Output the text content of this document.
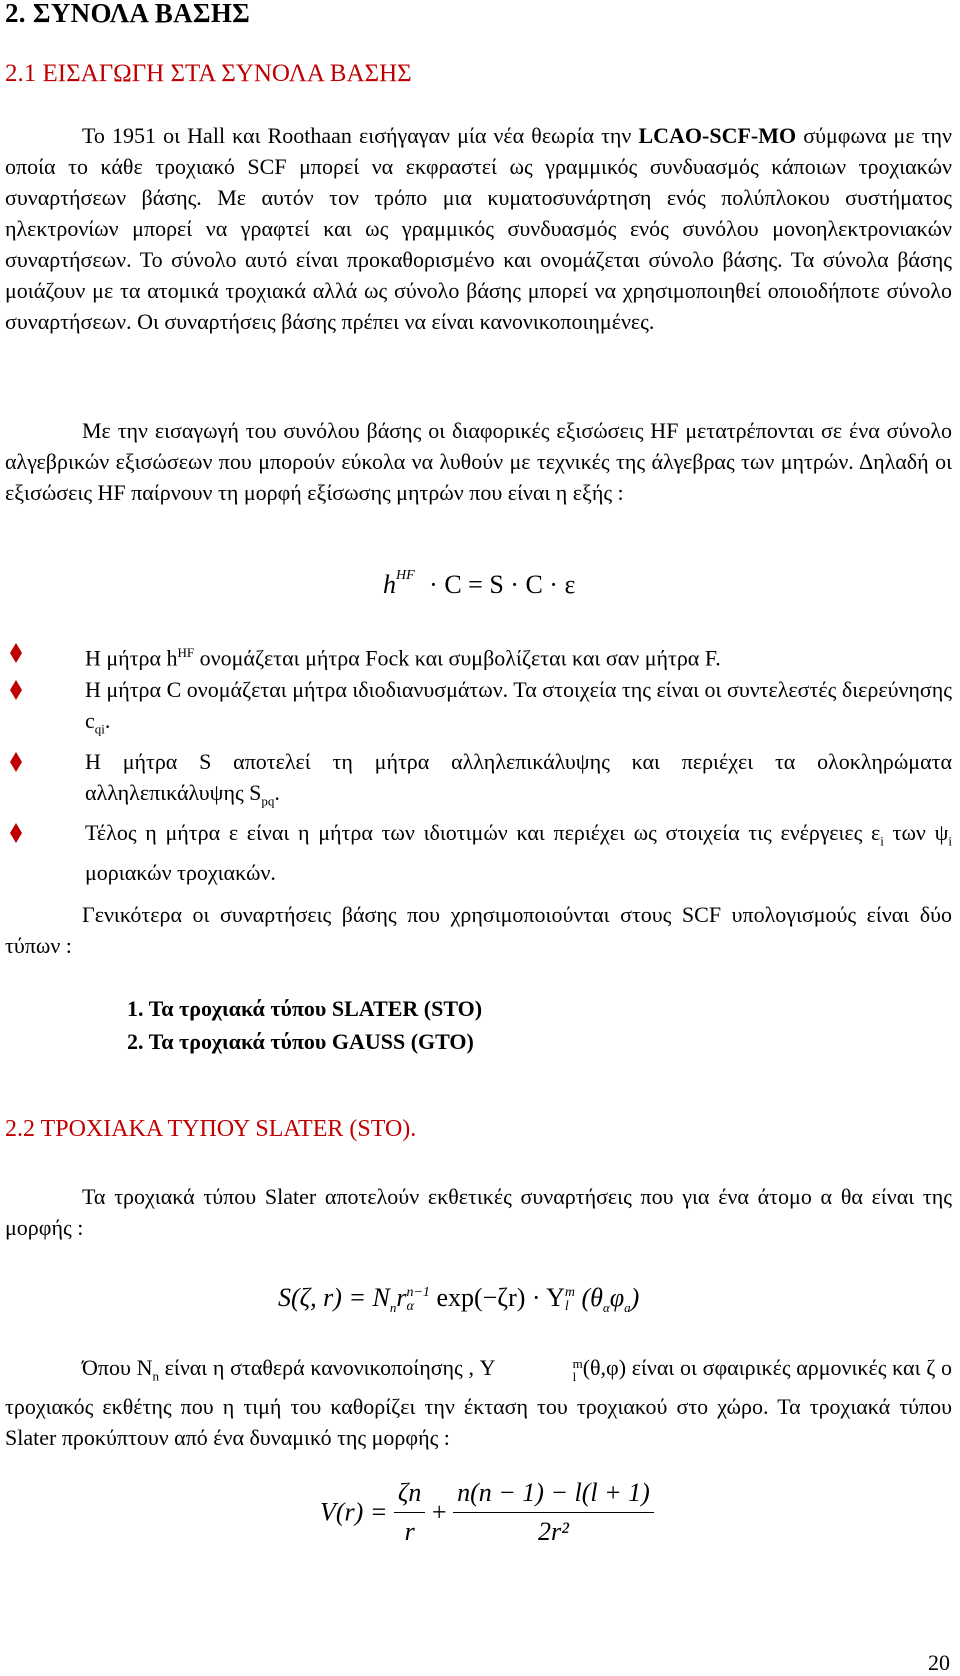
2. ΣΥΝΟΛΑ ΒΑΣΗΣ
2.1 ΕΙΣΑΓΩΓΗ ΣΤΑ ΣΥΝΟΛΑ ΒΑΣΗΣ

Το 1951 οι Hall και Roothaan εισήγαγαν μία νέα θεωρία την LCAO-SCF-MO σύμφωνα με την οποία το κάθε τροχιακό SCF μπορεί να εκφραστεί ως γραμμικός συνδυασμός κάποιων τροχιακών συναρτήσεων βάσης. Με αυτόν τον τρόπο μια κυματοσυνάρτηση ενός πολύπλοκου συστήματος ηλεκτρονίων μπορεί να γραφτεί και ως γραμμικός συνδυασμός ενός συνόλου μονοηλεκτρονιακών συναρτήσεων. Το σύνολο αυτό είναι προκαθορισμένο και ονομάζεται σύνολο βάσης. Τα σύνολα βάσης μοιάζουν με τα ατομικά τροχιακά αλλά ως σύνολο βάσης μπορεί να χρησιμοποιηθεί οποιοδήποτε σύνολο συναρτήσεων. Οι συναρτήσεις βάσης πρέπει να είναι κανονικοποιημένες.

Με την εισαγωγή του συνόλου βάσης οι διαφορικές εξισώσεις HF μετατρέπονται σε ένα σύνολο αλγεβρικών εξισώσεων που μπορούν εύκολα να λυθούν με τεχνικές της άλγεβρας των μητρών. Δηλαδή οι εξισώσεις HF παίρνουν τη μορφή εξίσωσης μητρών που είναι η εξής :

$h^{HF} \cdot C = S \cdot C \cdot \varepsilon$
Η μήτρα $h^{HF}$ ονομάζεται μήτρα Fock και συμβολίζεται και σαν μήτρα F.
Η μήτρα C ονομάζεται μήτρα ιδιοδιανυσμάτων. Τα στοιχεία της είναι οι συντελεστές διερεύνησης $c_{qi}$.
Η μήτρα S αποτελεί τη μήτρα αλληλεπικάλυψης και περιέχει τα ολοκληρώματα αλληλεπικάλυψης $S_{pq}$.
Τέλος η μήτρα ε είναι η μήτρα των ιδιοτιμών και περιέχει ως στοιχεία τις ενέργειες $\varepsilon_i$ των $\psi_i$ μοριακών τροχιακών.

Γενικότερα οι συναρτήσεις βάσης που χρησιμοποιούνται στους SCF υπολογισμούς είναι δύο τύπων :

1. Τα τροχιακά τύπου SLATER (STO)
2. Τα τροχιακά τύπου GAUSS (GTO)
2.2 ΤΡΟΧΙΑΚΑ ΤΥΠΟΥ SLATER (STO).

Τα τροχιακά τύπου Slater αποτελούν εκθετικές συναρτήσεις που για ένα άτομο α θα είναι της μορφής :

S(ζ, $r) = N_nr$ n−1
α exp(−ζr) · Y m
l $(\theta_\alpha\varphi_a)$

Όπου $N_n$ είναι η σταθερά κανονικοποίησης , Y	m
l (θ,φ) είναι οι σφαιρικές αρμονικές και ζ ο τροχιακός εκθέτης που η τιμή του καθορίζει την έκταση του τροχιακού στο χώρο. Τα τροχιακά τύπου Slater προκύπτουν από ένα δυναμικό της μορφής :

$V(r) = \frac{\zeta n}{r} + \frac{n(n - 1) - l(l + 1)}{\text{2r²}}$
20
